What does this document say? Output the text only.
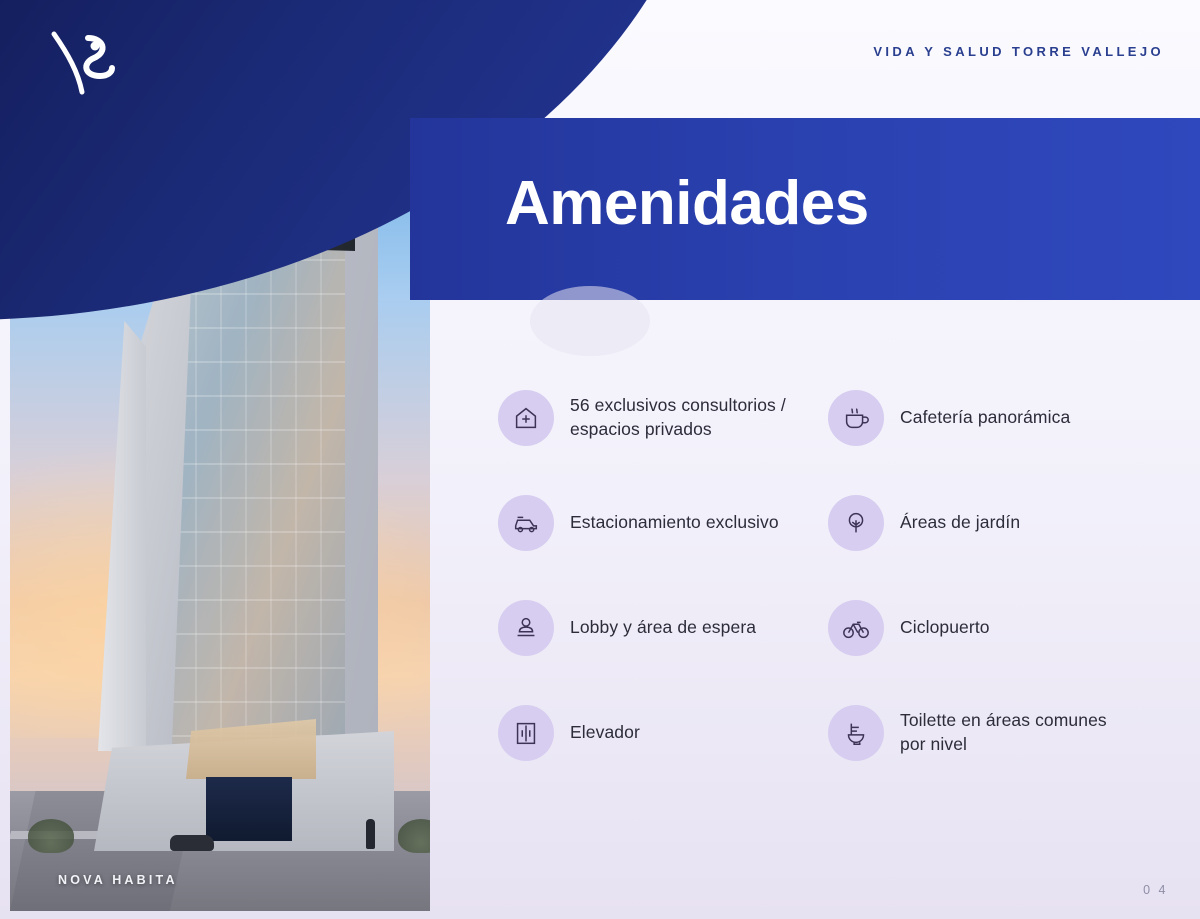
NOVA HABITA
VIDA Y SALUD TORRE VALLEJO
Amenidades
56 exclusivos consultorios / espacios privados
Cafetería panorámica
Estacionamiento exclusivo	Áreas de jardín
Lobby y área de espera	Ciclopuerto
Elevador
Toilette en áreas comunes por nivel
0 4
